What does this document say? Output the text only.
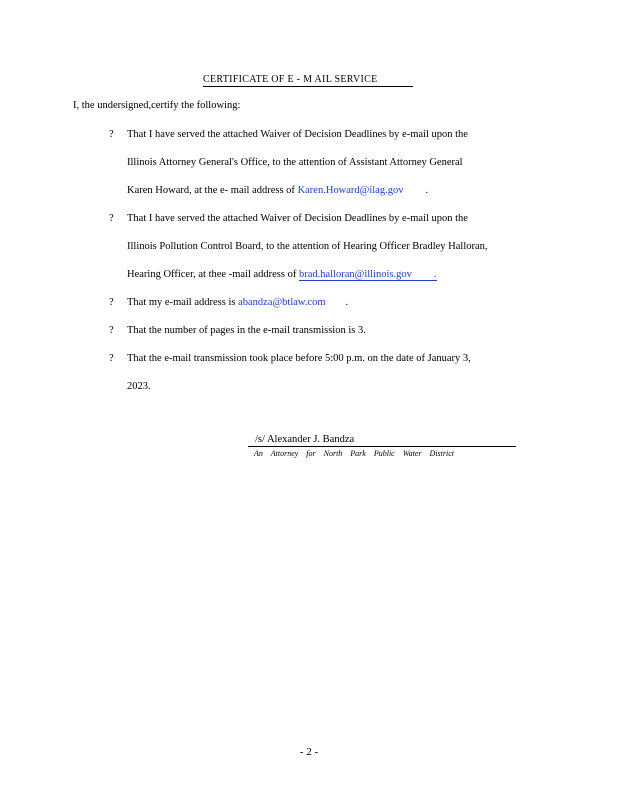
CERTIFICATE OF E - M AIL SERVICE
I, the undersigned,certify the following:
? That I have served the attached Waiver of Decision Deadlines by e-mail upon the
Illinois Attorney General's Office, to the attention of Assistant Attorney General
Karen Howard, at the e- mail address of Karen.Howard@ilag.gov .
? That I have served the attached Waiver of Decision Deadlines by e-mail upon the
Illinois Pollution Control Board, to the attention of Hearing Officer Bradley Halloran,
Hearing Officer, at thee -mail address of brad.halloran@illinois.gov .
? That my e-mail address is abandza@btlaw.com .
? That the number of pages in the e-mail transmission is 3.
? That the e-mail transmission took place before 5:00 p.m. on the date of January 3,
2023.
/s/ Alexander J. Bandza
An Attorney for North Park Public Water District
- 2 -
